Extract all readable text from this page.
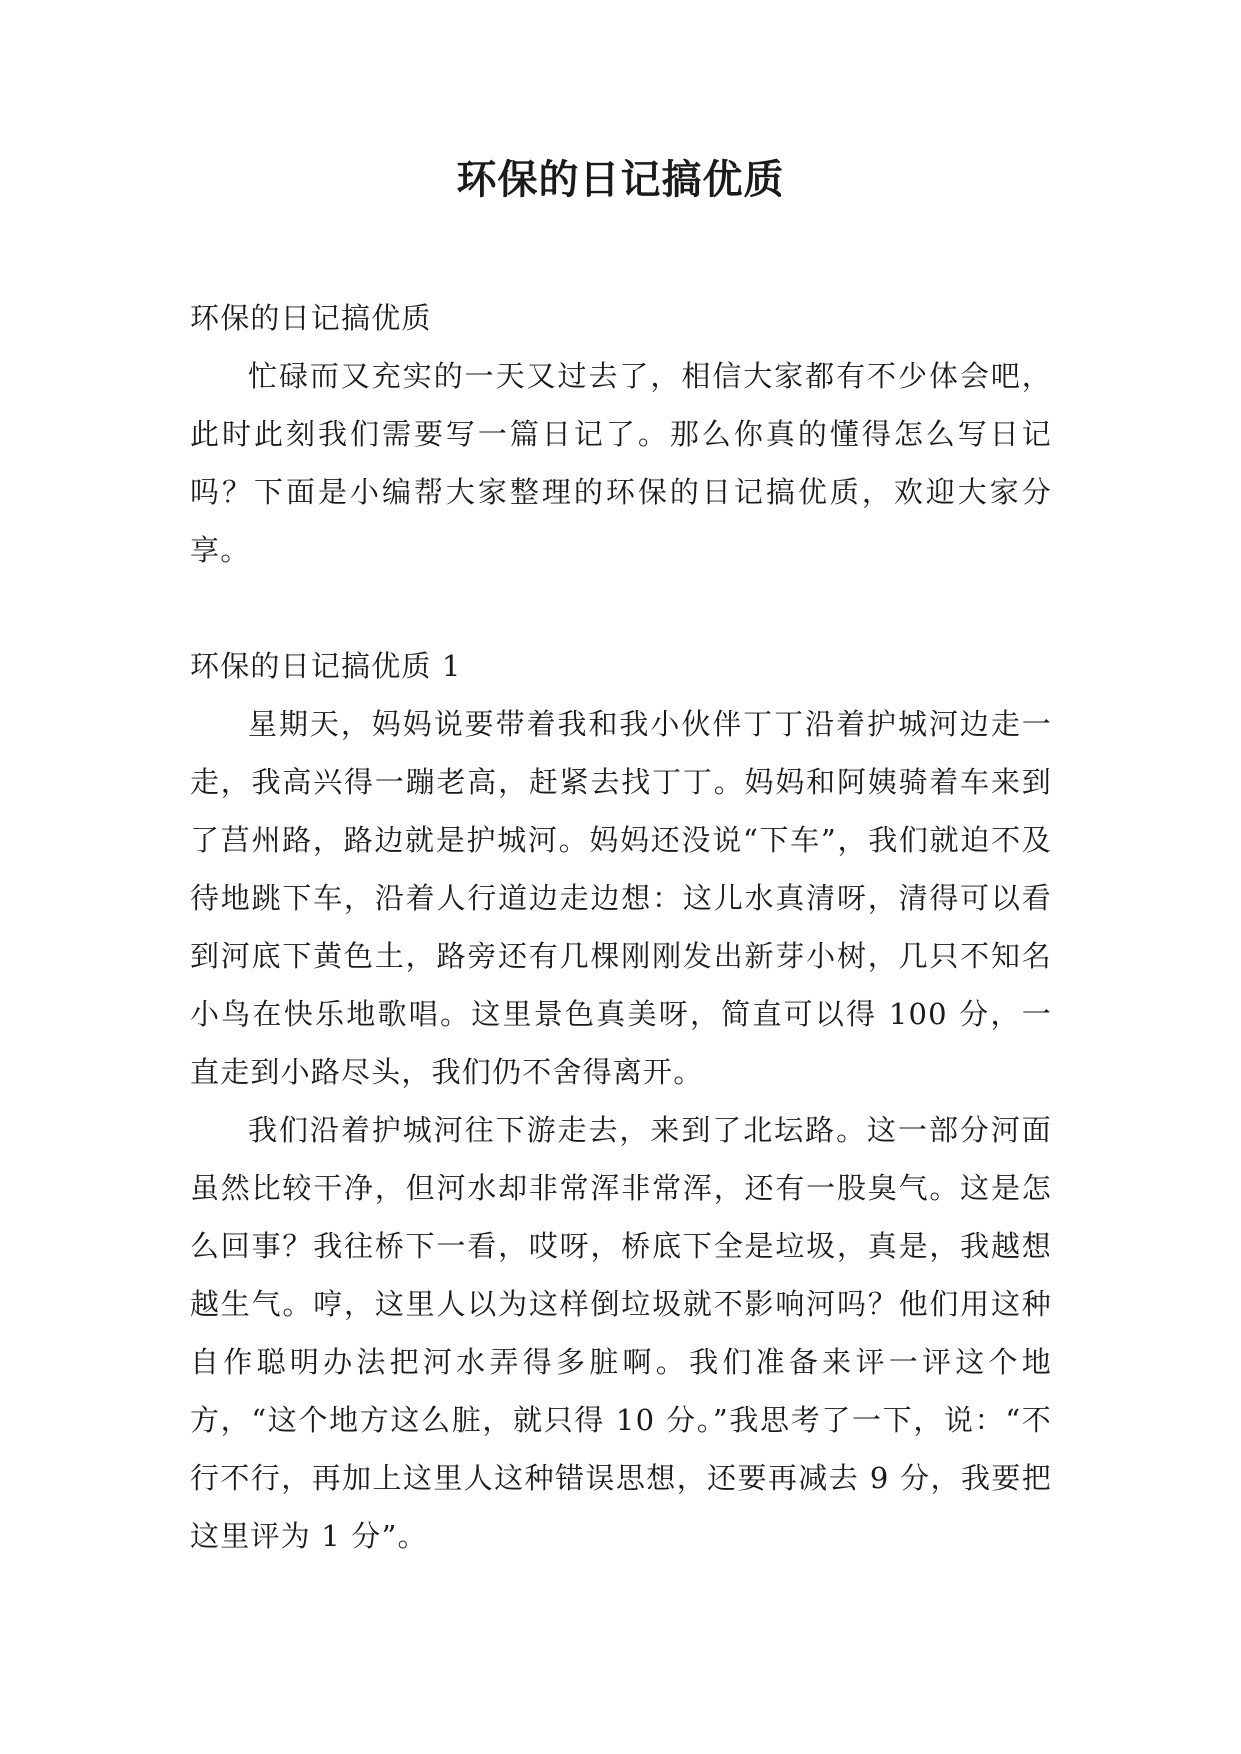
环保的日记搞优质

环保的日记搞优质

忙碌而又充实的一天又过去了，相信大家都有不少体会吧，此时此刻我们需要写一篇日记了。那么你真的懂得怎么写日记吗？下面是小编帮大家整理的环保的日记搞优质，欢迎大家分享。

环保的日记搞优质 1

星期天，妈妈说要带着我和我小伙伴丁丁沿着护城河边走一走，我高兴得一蹦老高，赶紧去找丁丁。妈妈和阿姨骑着车来到了莒州路，路边就是护城河。妈妈还没说“下车”，我们就迫不及待地跳下车，沿着人行道边走边想：这儿水真清呀，清得可以看到河底下黄色土，路旁还有几棵刚刚发出新芽小树，几只不知名小鸟在快乐地歌唱。这里景色真美呀，简直可以得 100 分，一直走到小路尽头，我们仍不舍得离开。

我们沿着护城河往下游走去，来到了北坛路。这一部分河面虽然比较干净，但河水却非常浑非常浑，还有一股臭气。这是怎么回事？我往桥下一看，哎呀，桥底下全是垃圾，真是，我越想越生气。哼，这里人以为这样倒垃圾就不影响河吗？他们用这种自作聪明办法把河水弄得多脏啊。我们准备来评一评这个地方，“这个地方这么脏，就只得 10 分。”我思考了一下，说：“不行不行，再加上这里人这种错误思想，还要再减去 9 分，我要把这里评为 1 分”。
